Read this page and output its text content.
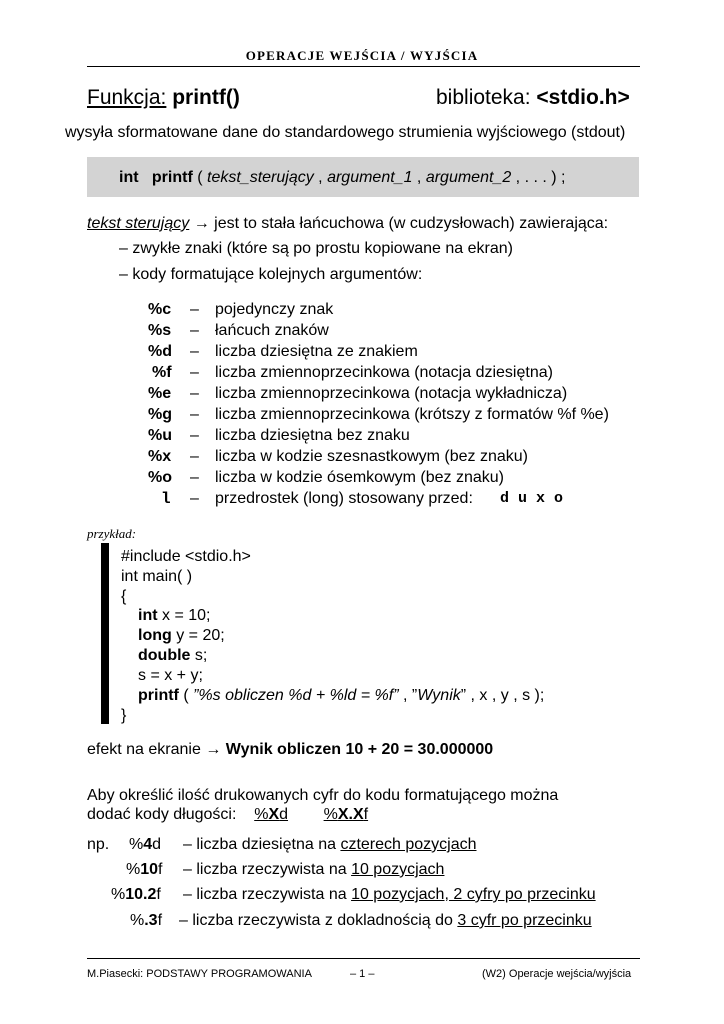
OPERACJE WEJŚCIA / WYJŚCIA
Funkcja: printf()	biblioteka: <stdio.h>
wysyła sformatowane dane do standardowego strumienia wyjściowego (stdout)
int printf ( tekst_sterujący , argument_1 , argument_2 , . . . ) ;
tekst sterujący → jest to stała łańcuchowa (w cudzysłowach) zawierająca:
– zwykłe znaki (które są po prostu kopiowane na ekran)
– kody formatujące kolejnych argumentów:
%c	– pojedynczy znak
%s	– łańcuch znaków
%d	– liczba dziesiętna ze znakiem
%f	– liczba zmiennoprzecinkowa (notacja dziesiętna)
%e	– liczba zmiennoprzecinkowa (notacja wykładnicza)
%g	– liczba zmiennoprzecinkowa (krótszy z formatów %f %e)
%u	– liczba dziesiętna bez znaku
%x	– liczba w kodzie szesnastkowym (bez znaku)
%o	– liczba w kodzie ósemkowym (bez znaku)
l	– przedrostek (long) stosowany przed: d u x o
przykład:
#include <stdio.h>
int main( )
{
int x = 10;
long y = 20;
double s;
s = x + y;
printf ( ”%s obliczen %d + %ld = %f” , ”Wynik” , x , y , s );
}
efekt na ekranie → Wynik obliczen 10 + 20 = 30.000000
Aby określić ilość drukowanych cyfr do kodu formatującego można
dodać kody długości: %Xd %X.Xf
np. %4d – liczba dziesiętna na czterech pozycjach
%10f – liczba rzeczywista na 10 pozycjach
%10.2f – liczba rzeczywista na 10 pozycjach, 2 cyfry po przecinku
%.3f – liczba rzeczywista z dokladnością do 3 cyfr po przecinku
M.Piasecki: PODSTAWY PROGRAMOWANIA	– 1 –	(W2) Operacje wejścia/wyjścia
